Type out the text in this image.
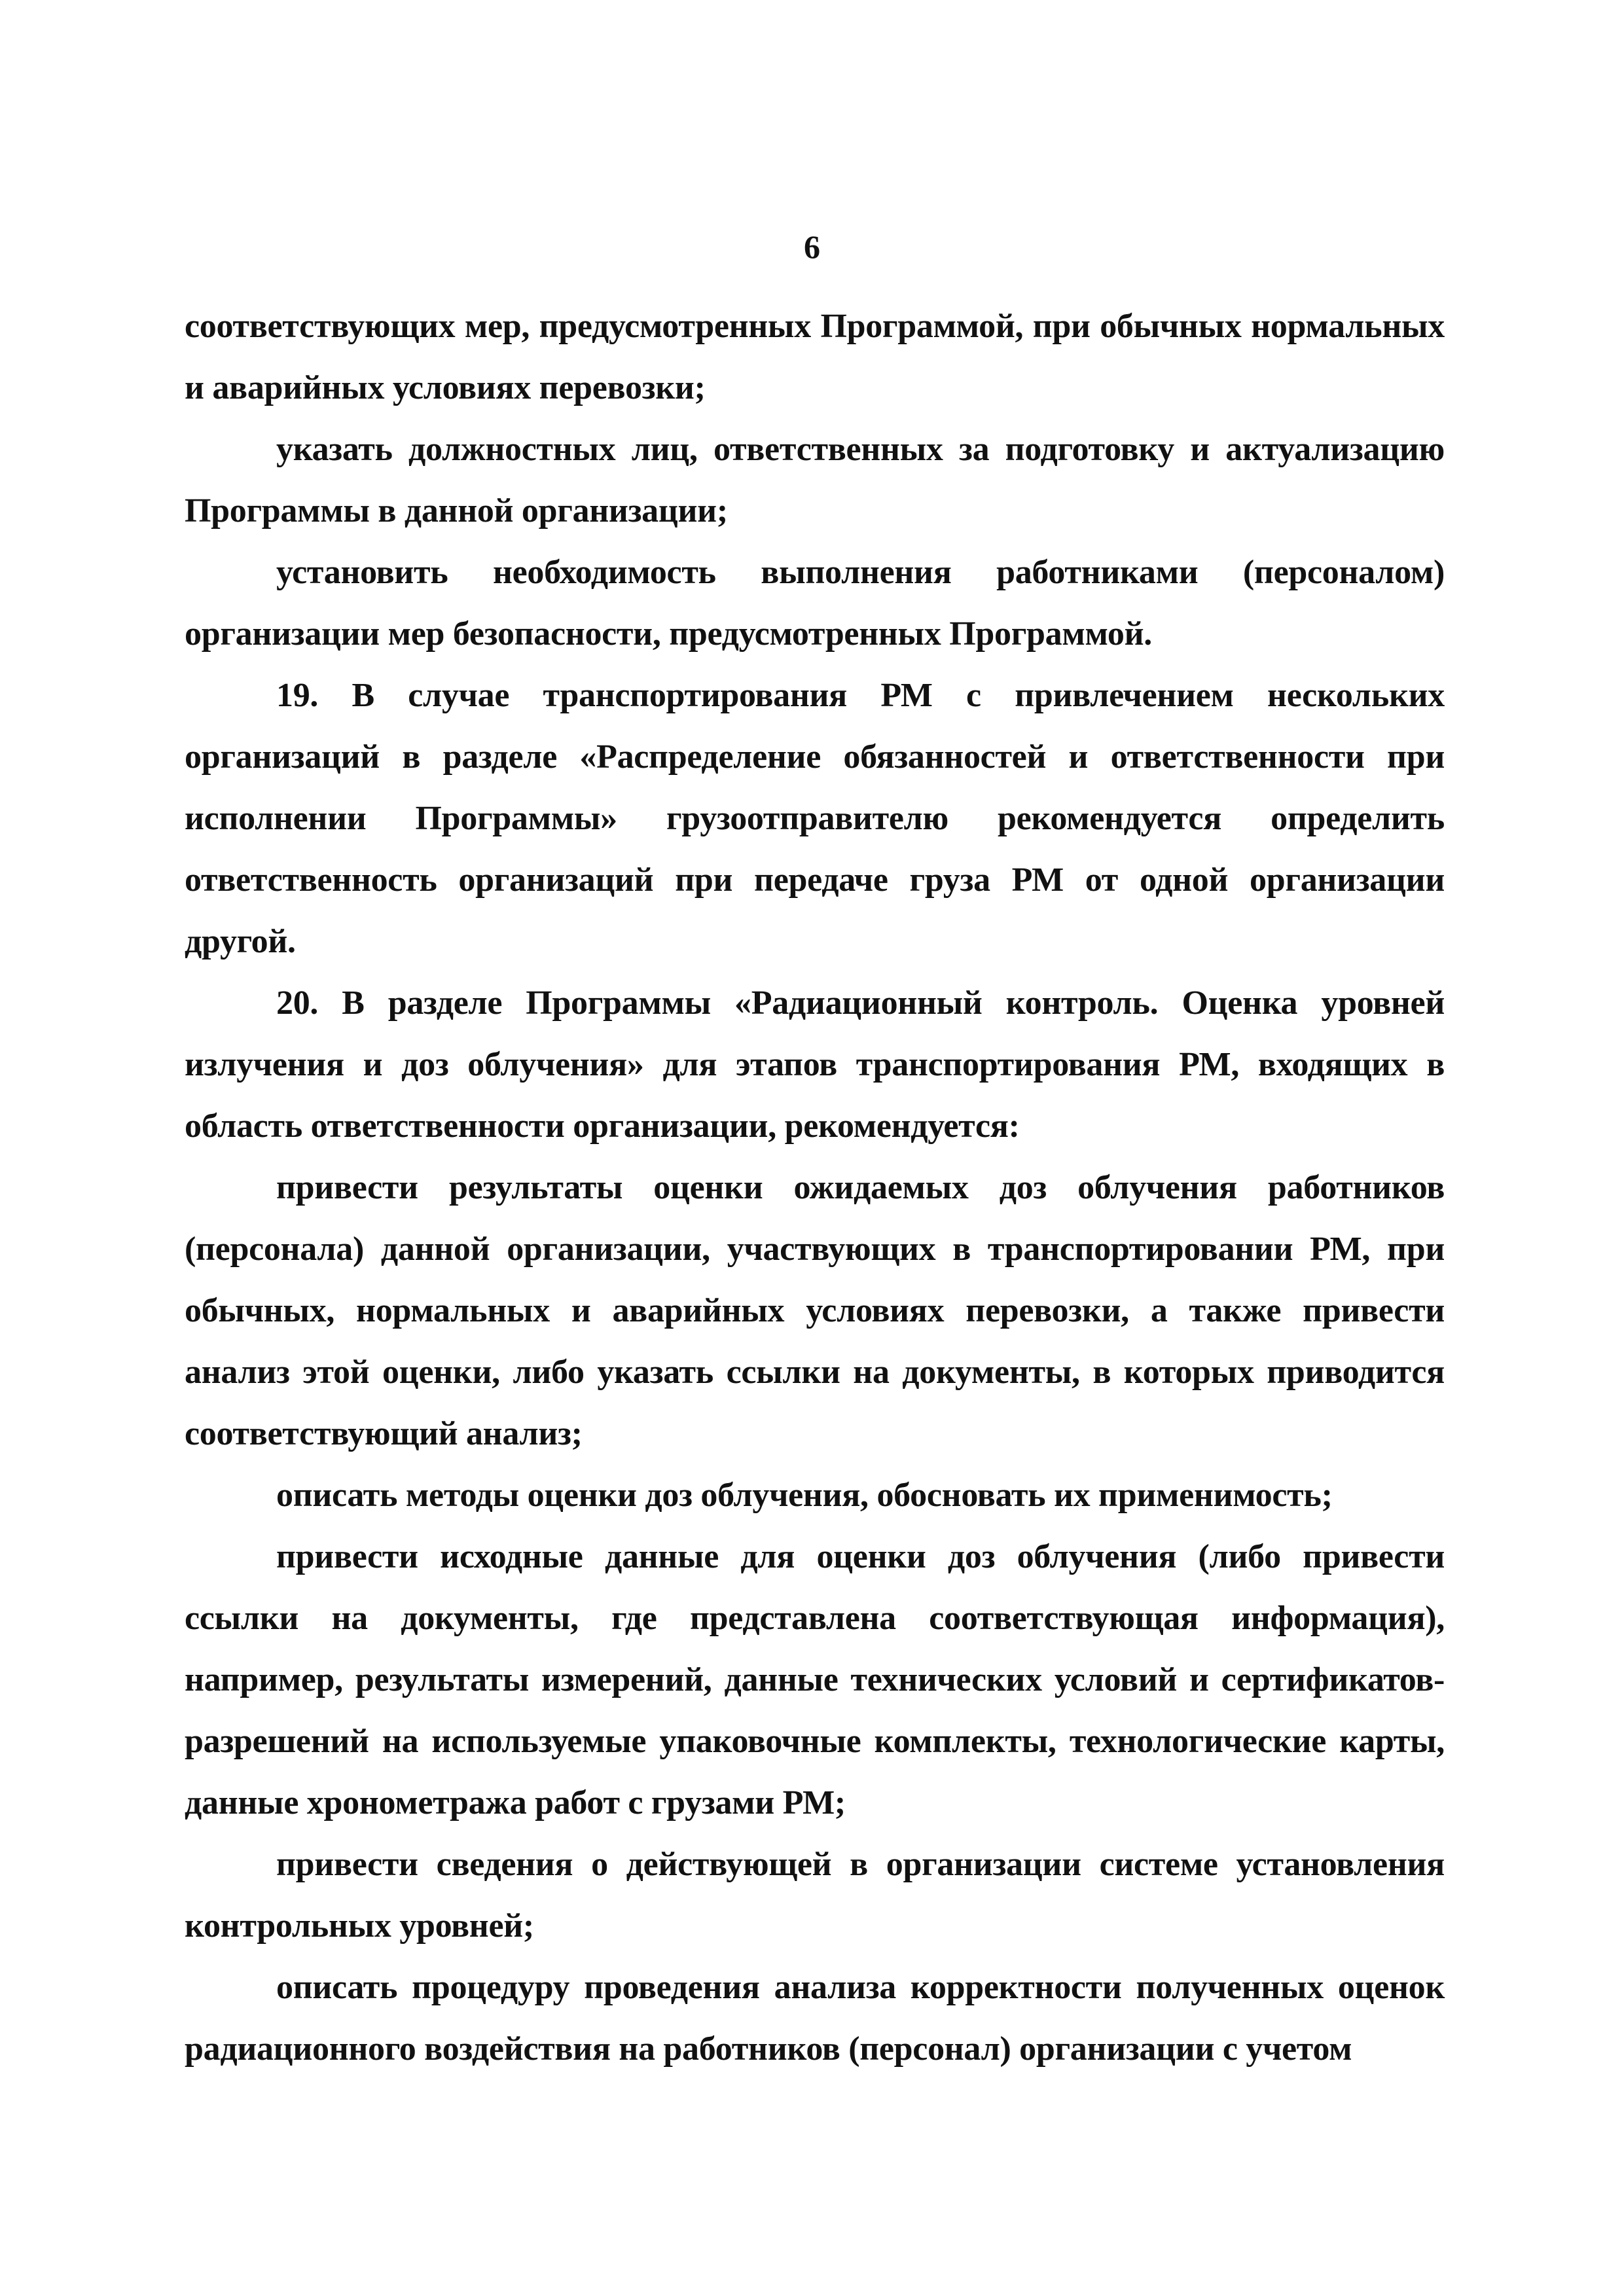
6

соответствующих мер, предусмотренных Программой, при обычных нормальных и аварийных условиях перевозки;

указать должностных лиц, ответственных за подготовку и актуализацию Программы в данной организации;

установить необходимость выполнения работниками (персоналом) организации мер безопасности, предусмотренных Программой.

19. В случае транспортирования РМ с привлечением нескольких организаций в разделе «Распределение обязанностей и ответственности при исполнении Программы» грузоотправителю рекомендуется определить ответственность организаций при передаче груза РМ от одной организации другой.

20. В разделе Программы «Радиационный контроль. Оценка уровней излучения и доз облучения» для этапов транспортирования РМ, входящих в область ответственности организации, рекомендуется:

привести результаты оценки ожидаемых доз облучения работников (персонала) данной организации, участвующих в транспортировании РМ, при обычных, нормальных и аварийных условиях перевозки, а также привести анализ этой оценки, либо указать ссылки на документы, в которых приводится соответствующий анализ;

описать методы оценки доз облучения, обосновать их применимость;

привести исходные данные для оценки доз облучения (либо привести ссылки на документы, где представлена соответствующая информация), например, результаты измерений, данные технических условий и сертификатов-разрешений на используемые упаковочные комплекты, технологические карты, данные хронометража работ с грузами РМ;

привести сведения о действующей в организации системе установления контрольных уровней;

описать процедуру проведения анализа корректности полученных оценок радиационного воздействия на работников (персонал) организации с учетом
